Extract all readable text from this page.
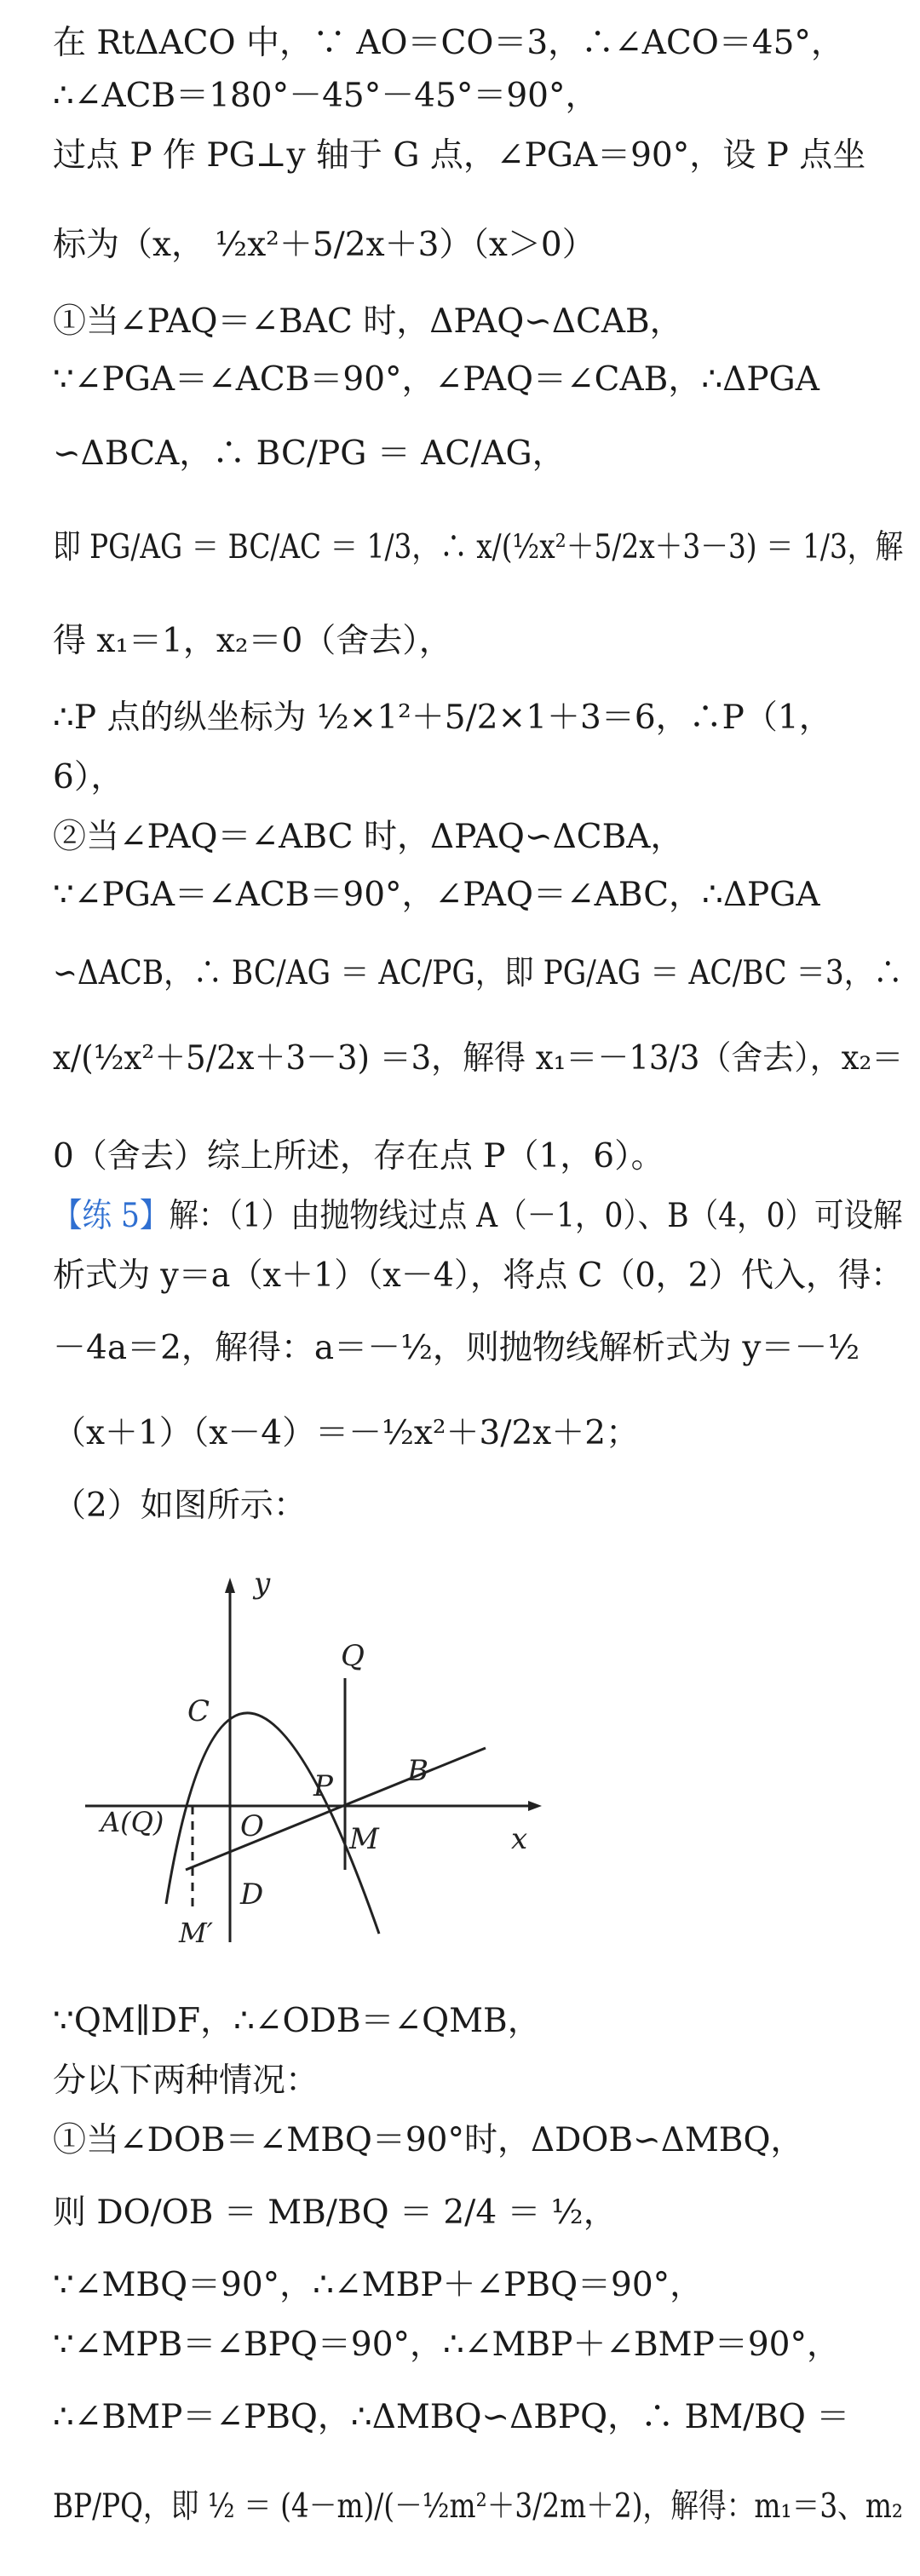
在 RtΔACO 中，∵ AO＝CO＝3，∴∠ACO＝45°，
∴∠ACB＝180°－45°－45°＝90°，
过点 P 作 PG⊥y 轴于 G 点，∠PGA＝90°，设 P 点坐
标为（x， ½x²＋5/2x＋3）（x＞0）
①当∠PAQ＝∠BAC 时，ΔPAQ∽ΔCAB，
∵∠PGA＝∠ACB＝90°，∠PAQ＝∠CAB，∴ΔPGA
∽ΔBCA，∴ BC/PG ＝ AC/AG，
即 PG/AG ＝ BC/AC ＝ 1/3，∴ x/(½x²＋5/2x＋3－3) ＝ 1/3，解
得 x₁＝1，x₂＝0（舍去），
∴P 点的纵坐标为 ½×1²＋5/2×1＋3＝6，∴P（1，
6），
②当∠PAQ＝∠ABC 时，ΔPAQ∽ΔCBA，
∵∠PGA＝∠ACB＝90°，∠PAQ＝∠ABC，∴ΔPGA
∽ΔACB，∴ BC/AG ＝ AC/PG，即 PG/AG ＝ AC/BC ＝3，∴
x/(½x²＋5/2x＋3－3) ＝3，解得 x₁＝－13/3（舍去），x₂＝
0（舍去）综上所述，存在点 P（1，6）。
【练 5】解：（1）由抛物线过点 A（－1，0）、B（4，0）可设解
析式为 y＝a（x＋1）（x－4），将点 C（0，2）代入，得：
－4a＝2，解得：a＝－½，则抛物线解析式为 y＝－½
（x＋1）（x－4）＝－½x²＋3/2x＋2；
（2）如图所示：
y
Q
C
B
P
A(Q)	O	M	x
D
M′
∵QM∥DF，∴∠ODB＝∠QMB，
分以下两种情况：
①当∠DOB＝∠MBQ＝90°时，ΔDOB∽ΔMBQ，
则 DO/OB ＝ MB/BQ ＝ 2/4 ＝ ½，
∵∠MBQ＝90°，∴∠MBP＋∠PBQ＝90°，
∵∠MPB＝∠BPQ＝90°，∴∠MBP＋∠BMP＝90°，
∴∠BMP＝∠PBQ，∴ΔMBQ∽ΔBPQ，∴ BM/BQ ＝
BP/PQ，即 ½ ＝ (4－m)/(－½m²＋3/2m＋2)，解得：m₁＝3、m₂
